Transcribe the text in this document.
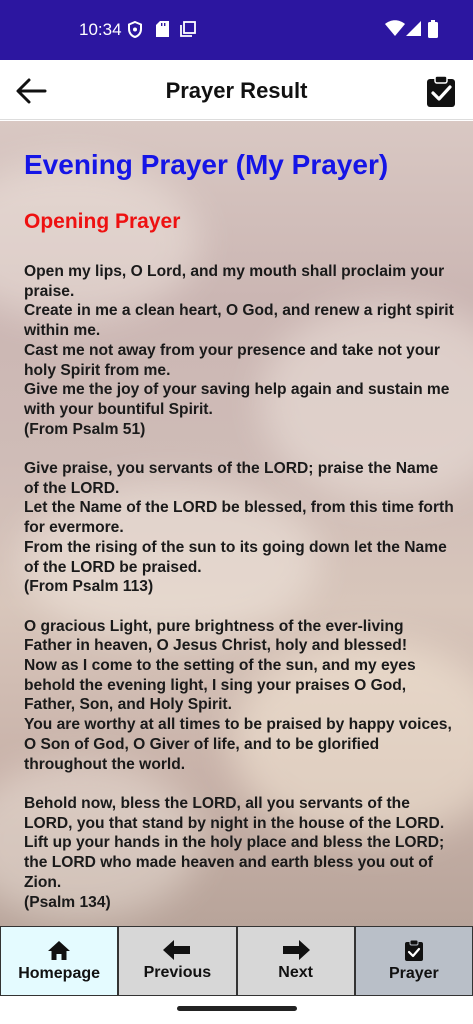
10:34
Prayer Result
Evening Prayer (My Prayer)
Opening Prayer
Open my lips, O Lord, and my mouth shall proclaim your praise.
Create in me a clean heart, O God, and renew a right spirit within me.
Cast me not away from your presence and take not your holy Spirit from me.
Give me the joy of your saving help again and sustain me with your bountiful Spirit.
(From Psalm 51)

Give praise, you servants of the LORD; praise the Name of the LORD.
Let the Name of the LORD be blessed, from this time forth for evermore.
From the rising of the sun to its going down let the Name of the LORD be praised.
(From Psalm 113)

O gracious Light, pure brightness of the ever-living Father in heaven, O Jesus Christ, holy and blessed!
Now as I come to the setting of the sun, and my eyes behold the evening light, I sing your praises O God, Father, Son, and Holy Spirit.
You are worthy at all times to be praised by happy voices, O Son of God, O Giver of life, and to be glorified throughout the world.

Behold now, bless the LORD, all you servants of the LORD, you that stand by night in the house of the LORD.
Lift up your hands in the holy place and bless the LORD; the LORD who made heaven and earth bless you out of Zion.
(Psalm 134)
Homepage	Previous	Next	Prayer
